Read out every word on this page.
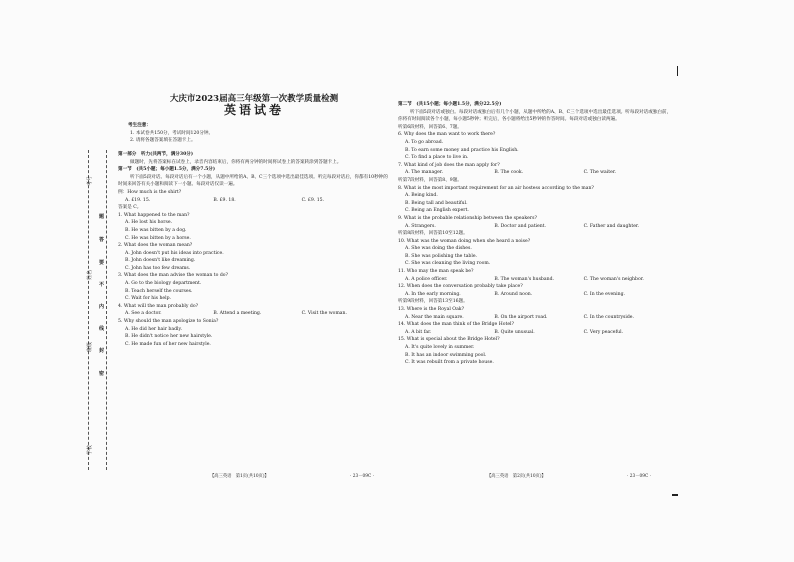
考号
题
答
要
不
内
线
封
密
姓名
班级
学校
大庆市2023届高三年级第一次教学质量检测
英语试卷
考生注意：
1. 本试卷共150分，考试时间120分钟。
2. 请将各题答案填在答题卡上。
第一部分　听力(共两节，满分30分)
做题时，先将答案标在试卷上，录音内容结束后，你将有两分钟的时间将试卷上的答案转涂到答题卡上。
第一节　(共5小题；每小题1.5分，满分7.5分)
听下面5段对话。每段对话后有一个小题，从题中所给的A、B、C三个选项中选出最佳选项。听完每段对话后，你都有10秒钟的时间来回答有关小题和阅读下一小题。每段对话仅读一遍。
例：How much is the shirt?
A. £19. 15.	B. £9. 18.	C. £9. 15.
答案是 C。
1. What happened to the man?
A. He lost his horse.
B. He was bitten by a dog.
C. He was bitten by a horse.
2. What does the woman mean?
A. John doesn't put his ideas into practice.
B. John doesn't like dreaming.
C. John has too few dreams.
3. What does the man advise the woman to do?
A. Go to the biology department.
B. Teach herself the courses.
C. Wait for his help.
4. What will the man probably do?
A. See a doctor.	B. Attend a meeting.	C. Visit the woman.
5. Why should the man apologize to Sonia?
A. He did her hair badly.
B. He didn't notice her new hairstyle.
C. He made fun of her new hairstyle.
第二节　(共15小题；每小题1.5分，满分22.5分)
听下面5段对话或独白。每段对话或独白后有几个小题，从题中所给的A、B、C三个选项中选出最佳选项。听每段对话或独白前，你将有时间阅读各个小题，每小题5秒钟；听完后，各小题将给出5秒钟的作答时间。每段对话或独白读两遍。
听第6段材料，回答第6、7题。
6. Why does the man want to work there?
A. To go abroad.
B. To earn some money and practice his English.
C. To find a place to live in.
7. What kind of job does the man apply for?
A. The manager.	B. The cook.	C. The waiter.
听第7段材料，回答第8、9题。
8. What is the most important requirement for an air hostess according to the man?
A. Being kind.
B. Being tall and beautiful.
C. Being an English expert.
9. What is the probable relationship between the speakers?
A. Strangers.	B. Doctor and patient.	C. Father and daughter.
听第8段材料，回答第10至12题。
10. What was the woman doing when she heard a noise?
A. She was doing the dishes.
B. She was polishing the table.
C. She was cleaning the living room.
11. Who may the man speak be?
A. A police officer.	B. The woman's husband.	C. The woman's neighbor.
12. When does the conversation probably take place?
A. In the early morning.	B. Around noon.	C. In the evening.
听第9段材料，回答第13至16题。
13. Where is the Royal Oak?
A. Near the main square.	B. On the airport road.	C. In the countryside.
14. What does the man think of the Bridge Hotel?
A. A bit far.	B. Quite unusual.	C. Very peaceful.
15. What is special about the Bridge Hotel?
A. It's quite lovely in summer.
B. It has an indoor swimming pool.
C. It was rebuilt from a private house.
【高三英语　第1页(共10页)】	· 23－09C ·	【高三英语　第2页(共10页)】	· 23－09C ·
